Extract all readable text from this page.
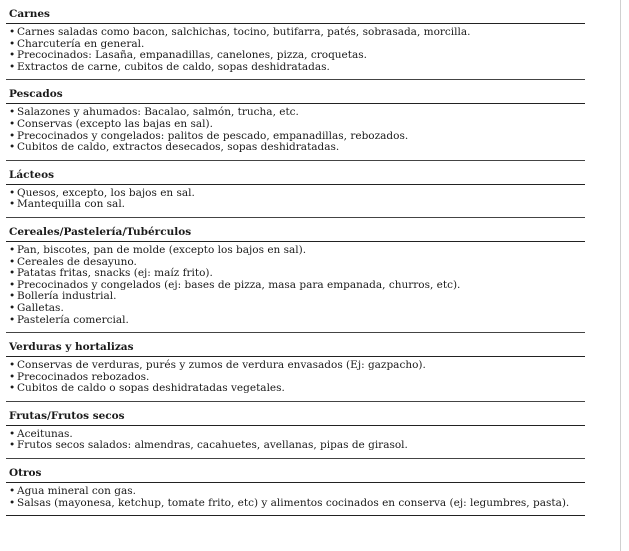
Carnes
• Carnes saladas como bacon, salchichas, tocino, butifarra, patés, sobrasada, morcilla.
• Charcutería en general.
• Precocinados: Lasaña, empanadillas, canelones, pizza, croquetas.
• Extractos de carne, cubitos de caldo, sopas deshidratadas.
Pescados
• Salazones y ahumados: Bacalao, salmón, trucha, etc.
• Conservas (excepto las bajas en sal).
• Precocinados y congelados: palitos de pescado, empanadillas, rebozados.
• Cubitos de caldo, extractos desecados, sopas deshidratadas.
Lácteos
• Quesos, excepto, los bajos en sal.
• Mantequilla con sal.
Cereales/Pastelería/Tubérculos
• Pan, biscotes, pan de molde (excepto los bajos en sal).
• Cereales de desayuno.
• Patatas fritas, snacks (ej: maíz frito).
• Precocinados y congelados (ej: bases de pizza, masa para empanada, churros, etc).
• Bollería industrial.
• Galletas.
• Pastelería comercial.
Verduras y hortalizas
• Conservas de verduras, purés y zumos de verdura envasados (Ej: gazpacho).
• Precocinados rebozados.
• Cubitos de caldo o sopas deshidratadas vegetales.
Frutas/Frutos secos
• Aceitunas.
• Frutos secos salados: almendras, cacahuetes, avellanas, pipas de girasol.
Otros
• Agua mineral con gas.
• Salsas (mayonesa, ketchup, tomate frito, etc) y alimentos cocinados en conserva (ej: legumbres, pasta).
